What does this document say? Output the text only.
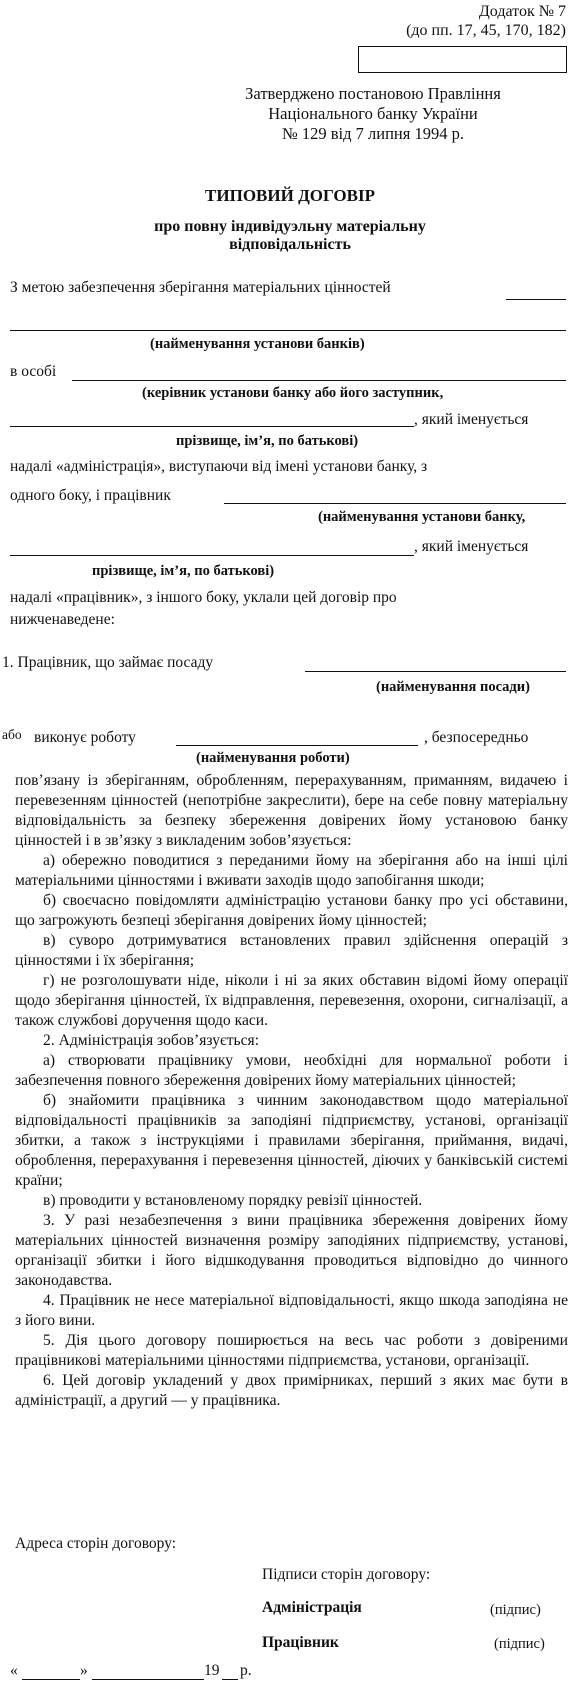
Додаток № 7
(до пп. 17, 45, 170, 182)
Затверджено постановою Правління
Національного банку України
№ 129 від 7 липня 1994 р.
ТИПОВИЙ ДОГОВІР
про повну індивідуэльну матеріальну
відповідальність
З метою забезпечення зберігання матеріальних цінностей
(найменування установи банків)
в особі
(керівник установи банку або його заступник,
, який іменується
прізвище, ім’я, по батькові)
надалі «адміністрація», виступаючи від імені установи банку, з
одного боку, і працівник
(найменування установи банку,
, який іменується
прізвище, ім’я, по батькові)
надалі «працівник», з іншого боку, уклали цей договір про
нижченаведене:
1. Працівник, що займає посаду
(найменування посади)
або виконує роботу	, безпосередньо
(найменування роботи)

пов’язану із зберіганням, обробленням, перерахуванням, приманням, видачею і перевезенням цінностей (непотрібне закреслити), бере на себе повну матеріальну відповідальність за безпеку збереження довірених йому установою банку цінностей і в зв’язку з викладеним зобов’язується:

а) обережно поводитися з переданими йому на зберігання або на інші цілі матеріальними цінностями і вживати заходів щодо запобігання шкоди;

б) своєчасно повідомляти адміністрацію установи банку про усі обставини, що загрожують безпеці зберігання довірених йому цінностей;

в) суворо дотримуватися встановлених правил здійснення операцій з цінностями і їх зберігання;

г) не розголошувати ніде, ніколи і ні за яких обставин відомі йому операції щодо зберігання цінностей, їх відправлення, перевезення, охорони, сигналізації, а також службові доручення щодо каси.

2. Адміністрація зобов’язується:

а) створювати працівнику умови, необхідні для нормальної роботи і забезпечення повного збереження довірених йому матеріальних цінностей;

б) знайомити працівника з чинним законодавством щодо матеріальної відповідальності працівників за заподіяні підприємству, установі, організації збитки, а також з інструкціями і правилами зберігання, приймання, видачі, оброблення, перерахування і перевезення цінностей, діючих у банківській системі країни;

в) проводити у встановленому порядку ревізії цінностей.

3. У разі незабезпечення з вини працівника збереження довірених йому матеріальних цінностей визначення розміру заподіяних підприємству, установі, організації збитки і його відшкодування проводиться відповідно до чинного законодавства.

4. Працівник не несе матеріальної відповідальності, якщо шкода заподіяна не з його вини.

5. Дія цього договору поширюється на весь час роботи з довіреними працівникові матеріальними цінностями підприємства, установи, організації.

6. Цей договір укладений у двох примірниках, перший з яких має бути в адміністрації, а другий — у працівника.

Адреса сторін договору:
Підписи сторін договору:
Адміністрація	(підпис)
Працівник	(підпис)
«	»	19 р.
